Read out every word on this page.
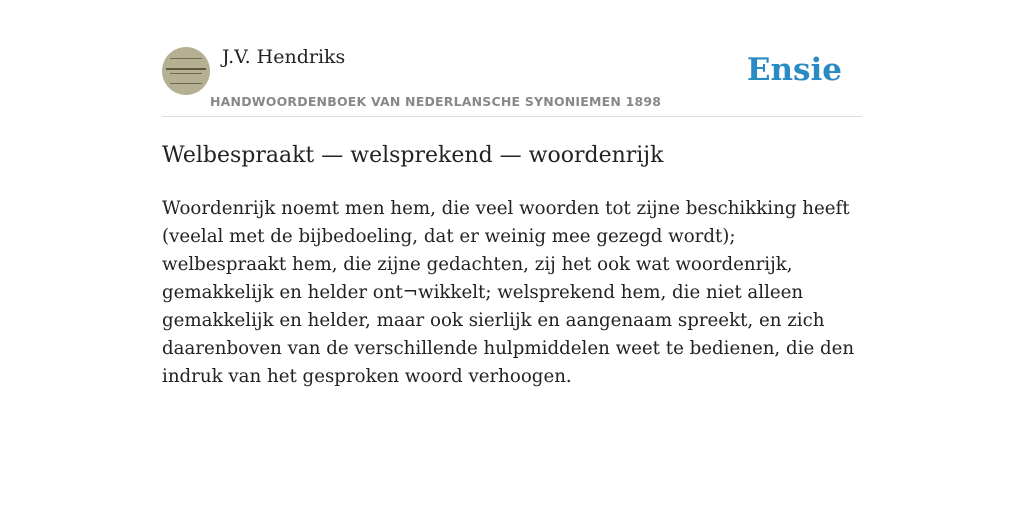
J.V. Hendriks
HANDWOORDENBOEK VAN NEDERLANSCHE SYNONIEMEN 1898
Ensie
Welbespraakt — welsprekend — woordenrijk

Woordenrijk noemt men hem, die veel woorden tot zijne beschikking heeft (veelal met de bijbedoeling, dat er weinig mee gezegd wordt); welbespraakt hem, die zijne gedachten, zij het ook wat woordenrijk, gemakkelijk en helder ont¬wikkelt; welsprekend hem, die niet alleen gemakkelijk en helder, maar ook sierlijk en aangenaam spreekt, en zich daarenboven van de verschillende hulpmiddelen weet te bedienen, die den indruk van het gesproken woord verhoogen.
